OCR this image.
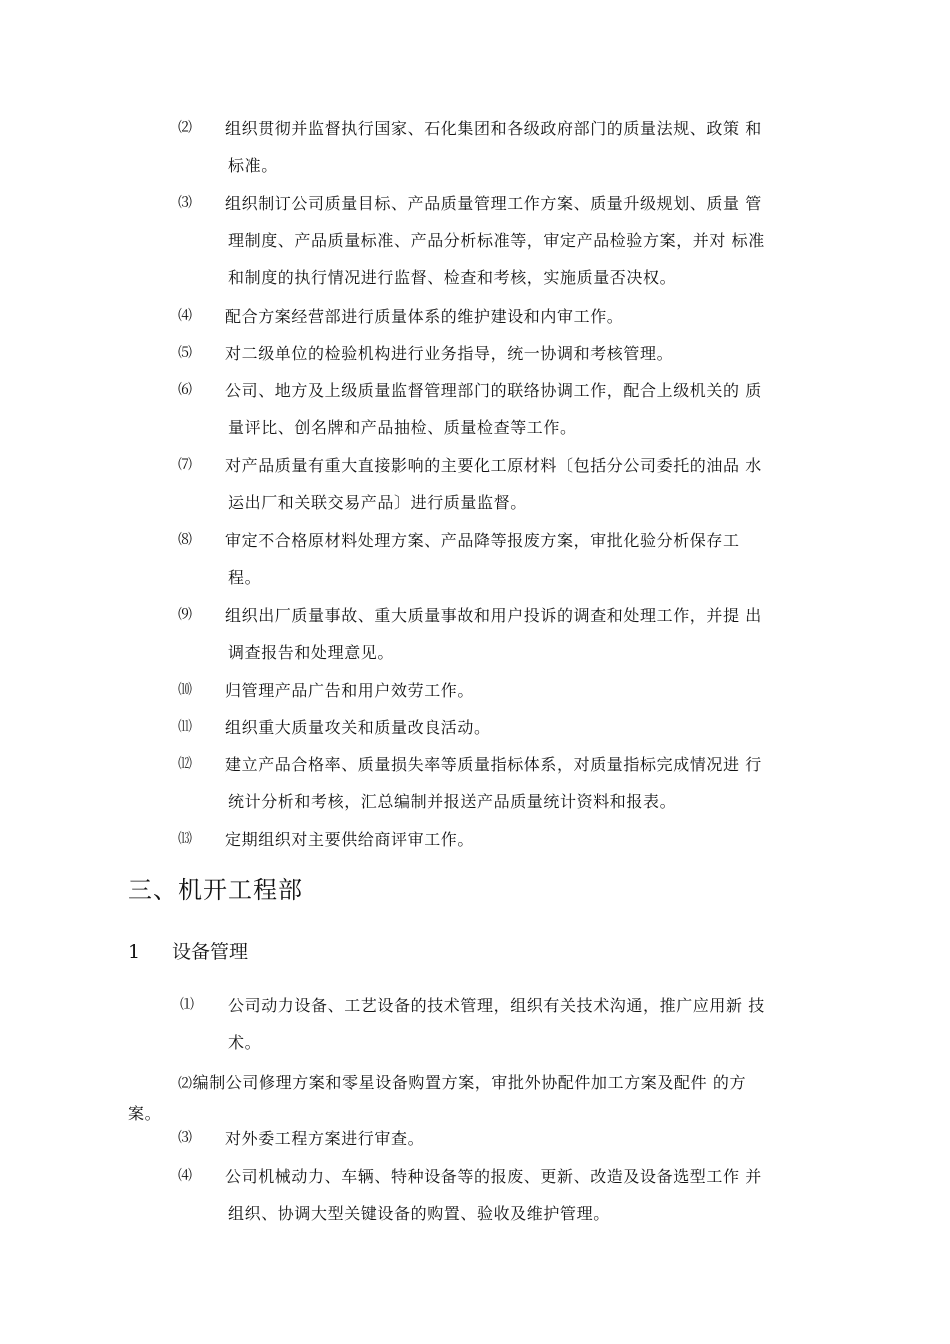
⑵	组织贯彻并监督执行国家、石化集团和各级政府部门的质量法规、政策 和
标准。
⑶	组织制订公司质量目标、产品质量管理工作方案、质量升级规划、质量 管
理制度、产品质量标准、产品分析标准等，审定产品检验方案，并对 标准
和制度的执行情况进行监督、检查和考核，实施质量否决权。
⑷	配合方案经营部进行质量体系的维护建设和内审工作。
⑸	对二级单位的检验机构进行业务指导，统一协调和考核管理。
⑹	公司、地方及上级质量监督管理部门的联络协调工作，配合上级机关的 质
量评比、创名牌和产品抽检、质量检查等工作。
⑺	对产品质量有重大直接影响的主要化工原材料〔包括分公司委托的油品 水
运出厂和关联交易产品〕进行质量监督。
⑻	审定不合格原材料处理方案、产品降等报废方案，审批化验分析保存工
程。
⑼	组织出厂质量事故、重大质量事故和用户投诉的调查和处理工作，并提 出
调查报告和处理意见。
⑽	归管理产品广告和用户效劳工作。
⑾	组织重大质量攻关和质量改良活动。
⑿	建立产品合格率、质量损失率等质量指标体系，对质量指标完成情况进 行
统计分析和考核，汇总编制并报送产品质量统计资料和报表。
⒀	定期组织对主要供给商评审工作。
三、机开工程部
1 设备管理
⑴	公司动力设备、工艺设备的技术管理，组织有关技术沟通，推广应用新 技
术。
⑵编制公司修理方案和零星设备购置方案，审批外协配件加工方案及配件 的方
案。
⑶	对外委工程方案进行审查。
⑷	公司机械动力、车辆、特种设备等的报废、更新、改造及设备选型工作 并
组织、协调大型关键设备的购置、验收及维护管理。
